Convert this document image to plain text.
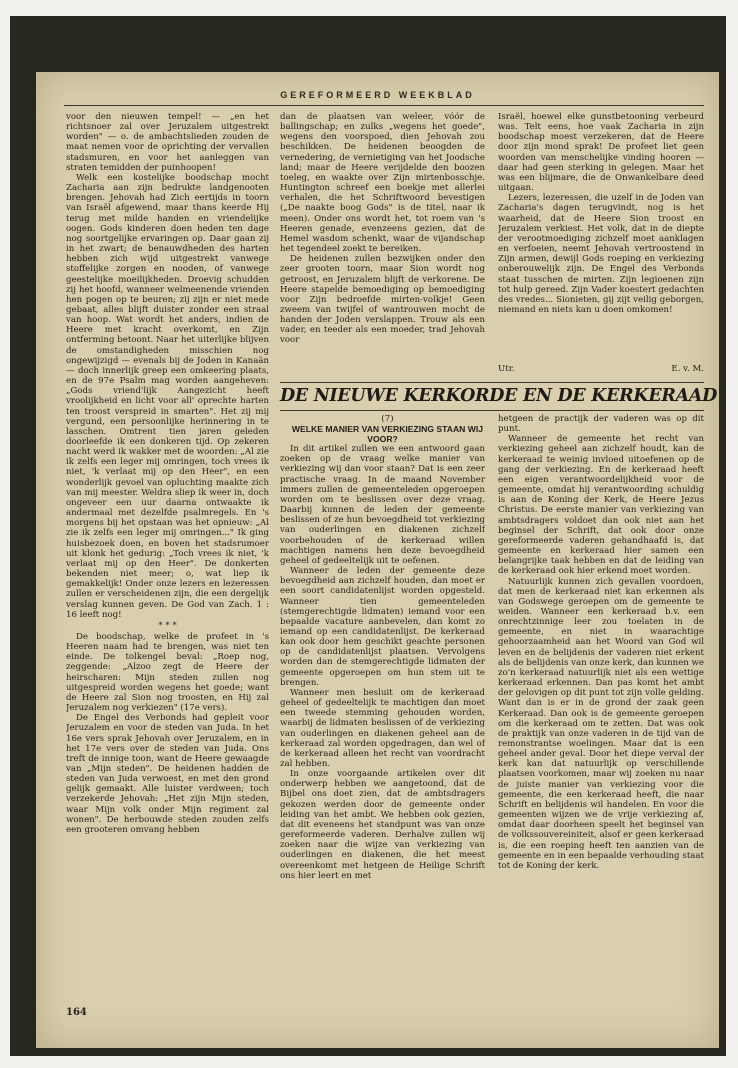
GEREFORMEERD WEEKBLAD

voor den nieuwen tempel! — „en het richtsnoer zal over Jeruzalem uitgestrekt worden" — o. de ambachtslieden zouden de maat nemen voor de oprichting der vervallen stadsmuren, en voor het aanleggen van straten temidden der puinhoopen!

Welk een kostelijke boodschap mocht Zacharia aan zijn bedrukte landgenooten brengen. Jehovah had Zich eertijds in toorn van Israël afgewend, maar thans keerde Hij terug met milde handen en vriendelijke oogen. Gods kinderen doen heden ten dage nog soortgelijke ervaringen op. Daar gaan zij in het zwart; de benauwdheden des harten hebben zich wijd uitgestrekt vanwege stoffelijke zorgen en nooden, of vanwege geestelijke moeilijkheden. Droevig schudden zij het hoofd, wanneer welmeenende vrienden hen pogen op te beuren; zij zijn er niet mede gebaat, alles blijft duister zonder een straal van hoop. Wat wordt het anders, indien de Heere met kracht overkomt, en Zijn ontferming betoont. Naar het uiterlijke blijven de omstandigheden misschien nog ongewijzigd — evenals bij de Joden in Kanaän — doch innerlijk greep een omkeering plaats, en de 97e Psalm mag worden aangeheven: „Gods vriend'lijk Aangezicht heeft vroolijkheid en licht voor all' oprechte harten ten troost verspreid in smarten". Het zij mij vergund, een persoonlijke herinnering in te lasschen. Omtrent tien jaren geleden doorleefde ik een donkeren tijd. Op zekeren nacht werd ik wakker met de woorden: „Al zie ik zelfs een leger mij omringen, toch vrees ik niet, 'k verlaat mij op den Heer", en een wonderlijk gevoel van opluchting maakte zich van mij meester. Weldra sliep ik weer in, doch ongeveer een uur daarna ontwaakte ik andermaal met dezelfde psalmregels. En 's morgens bij het opstaan was het opnieuw: „Al zie ik zelfs een leger mij omringen..." Ik ging huisbezoek doen, en boven het stadsrumoer uit klonk het gedurig: „Toch vrees ik niet, 'k verlaat mij op den Heer". De donkerten bekenden niet meer; o, wat liep ik gemakkelijk! Onder onze lezers en lezeressen zullen er verscheidenen zijn, die een dergelijk verslag kunnen geven. De God van Zach. 1 : 16 leeft nog!

* * *

De boodschap, welke de profeet in 's Heeren naam had te brengen, was niet ten einde. De tolkengel beval: „Roep nog, zeggende: „Alzoo zegt de Heere der heirscharen: Mijn steden zullen nog uitgespreid worden wegens het goede; want de Heere zal Sion nog troosten, en Hij zal Jeruzalem nog verkiezen" (17e vers).

De Engel des Verbonds had gepleit voor Jeruzalem en voor de steden van Juda. In het 16e vers sprak Jehovah over Jeruzalem, en in het 17e vers over de steden van Juda. Ons treft de innige toon, want de Heere gewaagde van „Mijn steden". De heidenen hadden de steden van Juda verwoest, en met den grond gelijk gemaakt. Alle luister verdween; toch verzekerde Jehovah: „Het zijn Mijn steden, waar Mijn volk onder Mijn regiment zal wonen". De herbouwde steden zouden zelfs een grooteren omvang hebben

dan de plaatsen van weleer, vóór de ballingschap; en zulks „wegens het goede", wegens den voorspoed, dien Jehovah zou beschikken. De heidenen beoogden de vernedering, de vernietiging van het Joodsche land; maar de Heere verijdelde den boozen toeleg, en waakte over Zijn mirtenbosschje. Huntington schreef een boekje met allerlei verhalen, die het Schriftwoord bevestigen („De naakte boog Gods" is de titel, naar ik meen). Onder ons wordt het, tot roem van 's Heeren genade, evenzeens gezien, dat de Hemel wasdom schenkt, waar de vijandschap het tegendeel zoekt te bereiken.

De heidenen zullen bezwijken onder den zeer grooten toorn, maar Sion wordt nog getroost, en Jeruzalem blijft de verkorene. De Heere stapelde bemoediging op bemoediging voor Zijn bedroefde mirten-volkje! Geen zweem van twijfel of wantrouwen mocht de handen der Joden verslappen. Trouw als een vader, en teeder als een moeder, trad Jehovah voor

Israël, hoewel elke gunstbetooning verbeurd was. Telt eens, hoe vaak Zacharia in zijn boodschap moest verzekeren, dat de Heere door zijn mond sprak! De profeet liet geen woorden van menschelijke vinding hooren — daar had geen sterking in gelegen. Maar het was een blijmare, die de Onwankelbare deed uitgaan.

Lezers, lezeressen, die uzelf in de Joden van Zacharia's dagen terugvindt, nog is het waarheid, dat de Heere Sion troost en Jeruzalem verkiest. Het volk, dat in de diepte der verootmoediging zichzelf moet aanklagen en verfoeien, neemt Jehovah vertroostend in Zijn armen, dewijl Gods roeping en verkiezing onberouwelijk zijn. De Engel des Verbonds staat tusschen de mirten. Zijn legioenen zijn tot hulp gereed. Zijn Vader koestert gedachten des vredes... Sionieten, gij zijt veilig geborgen, niemand en niets kan u doen omkomen!

Utr.	E. v. M.
DE NIEUWE KERKORDE EN DE KERKERAAD

(7)

WELKE MANIER VAN VERKIEZING STAAN WIJ VOOR?

In dit artikel zullen we een antwoord gaan zoeken op de vraag welke manier van verkiezing wij dan voor staan? Dat is een zeer practische vraag. In de maand November immers zullen de gemeenteleden opgeroepen worden om te beslissen over deze vraag. Daarbij kunnen de leden der gemeente beslissen of ze hun bevoegdheid tot verkiezing van ouderlingen en diakenen zichzelf voorbehouden of de kerkeraad willen machtigen namens hen deze bevoegdheid geheel of gedeeltelijk uit te oefenen.

Wanneer de leden der gemeente deze bevoegdheid aan zichzelf houden, dan moet er een soort candidatenlijst worden opgesteld. Wanneer tien gemeenteleden (stemgerechtigde lidmaten) iemand voor een bepaalde vacature aanbevelen, dan komt zo iemand op een candidatenlijst. De kerkeraad kan ook door hem geschikt geachte personen op de candidatenlijst plaatsen. Vervolgens worden dan de stemgerechtigde lidmaten der gemeente opgeroepen om hun stem uit te brengen.

Wanneer men besluit om de kerkeraad geheel of gedeeltelijk te machtigen dan moet een tweede stemming gehouden worden, waarbij de lidmaten beslissen of de verkiezing van ouderlingen en diakenen geheel aan de kerkeraad zal worden opgedragen, dan wel of de kerkeraad alleen het recht van voordracht zal hebben.

In onze voorgaande artikelen over dit onderwerp hebben we aangetoond, dat de Bijbel ons doet zien, dat de ambtsdragers gekozen werden door de gemeente onder leiding van het ambt. We hebben ook gezien, dat dit eveneens het standpunt was van onze gereformeerde vaderen. Derhalve zullen wij zoeken naar die wijze van verkiezing van ouderlingen en diakenen, die het meest overeenkomt met hetgeen de Heilige Schrift ons hier leert en met

hetgeen de practijk der vaderen was op dit punt.

Wanneer de gemeente het recht van verkiezing geheel aan zichzelf houdt, kan de kerkeraad te weinig invloed uitoefenen op de gang der verkiezing. En de kerkeraad heeft een eigen verantwoordelijkheid voor de gemeente, omdat hij verantwoording schuldig is aan de Koning der Kerk, de Heere Jezus Christus. De eerste manier van verkiezing van ambtsdragers voldoet dan ook niet aan het beginsel der Schrift, dat ook door onze gereformeerde vaderen gehandhaafd is, dat gemeente en kerkeraad hier samen een belangrijke taak hebben en dat de leiding van de kerkeraad ook hier erkend moet worden.

Natuurlijk kunnen zich gevallen voordoen, dat men de kerkeraad niet kan erkennen als van Godswege geroepen om de gemeente te weiden. Wanneer een kerkeraad b.v. een onrechtzinnige leer zou toelaten in de gemeente, en niet in waarachtige gehoorzaamheid aan het Woord van God wil leven en de belijdenis der vaderen niet erkent als de belijdenis van onze kerk, dan kunnen we zo'n kerkeraad natuurlijk niet als een wettige kerkeraad erkennen. Dan pas komt het ambt der gelovigen op dit punt tot zijn volle gelding. Want dan is er in de grond der zaak geen Kerkeraad. Dan ook is de gemeente geroepen om die kerkeraad om te zetten. Dat was ook de praktijk van onze vaderen in de tijd van de remonstrantse woelingen. Maar dat is een geheel ander geval. Door het diepe verval der kerk kan dat natuurlijk op verschillende plaatsen voorkomen, maar wij zoeken nu naar de juiste manier van verkiezing voor die gemeente, die een kerkeraad heeft, die naar Schrift en belijdenis wil handelen. En voor die gemeenten wijzen we de vrije verkiezing af, omdat daar doorheen speelt het beginsel van de volkssouvereiniteit, alsof er geen kerkeraad is, die een roeping heeft ten aanzien van de gemeente en in een bepaalde verhouding staat tot de Koning der kerk.

164
